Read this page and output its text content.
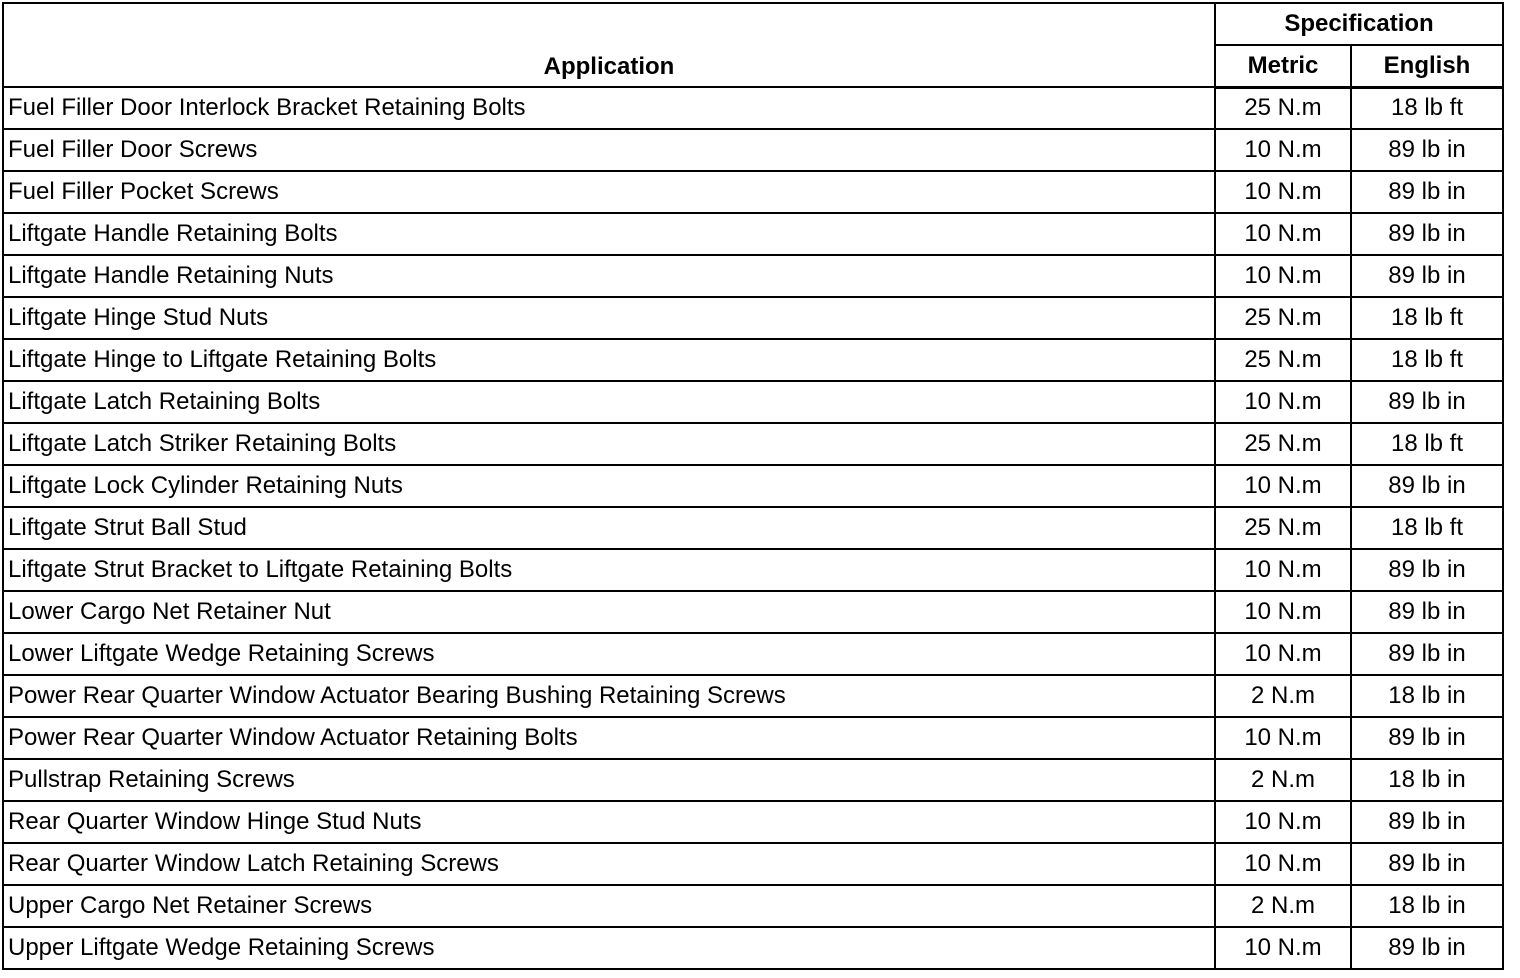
Application	Specification	
	Metric	English
Fuel Filler Door Interlock Bracket Retaining Bolts	25 N.m	18 lb ft
Fuel Filler Door Screws	10 N.m	89 lb in
Fuel Filler Pocket Screws	10 N.m	89 lb in
Liftgate Handle Retaining Bolts	10 N.m	89 lb in
Liftgate Handle Retaining Nuts	10 N.m	89 lb in
Liftgate Hinge Stud Nuts	25 N.m	18 lb ft
Liftgate Hinge to Liftgate Retaining Bolts	25 N.m	18 lb ft
Liftgate Latch Retaining Bolts	10 N.m	89 lb in
Liftgate Latch Striker Retaining Bolts	25 N.m	18 lb ft
Liftgate Lock Cylinder Retaining Nuts	10 N.m	89 lb in
Liftgate Strut Ball Stud	25 N.m	18 lb ft
Liftgate Strut Bracket to Liftgate Retaining Bolts	10 N.m	89 lb in
Lower Cargo Net Retainer Nut	10 N.m	89 lb in
Lower Liftgate Wedge Retaining Screws	10 N.m	89 lb in
Power Rear Quarter Window Actuator Bearing Bushing Retaining Screws	2 N.m	18 lb in
Power Rear Quarter Window Actuator Retaining Bolts	10 N.m	89 lb in
Pullstrap Retaining Screws	2 N.m	18 lb in
Rear Quarter Window Hinge Stud Nuts	10 N.m	89 lb in
Rear Quarter Window Latch Retaining Screws	10 N.m	89 lb in
Upper Cargo Net Retainer Screws	2 N.m	18 lb in
Upper Liftgate Wedge Retaining Screws	10 N.m	89 lb in
